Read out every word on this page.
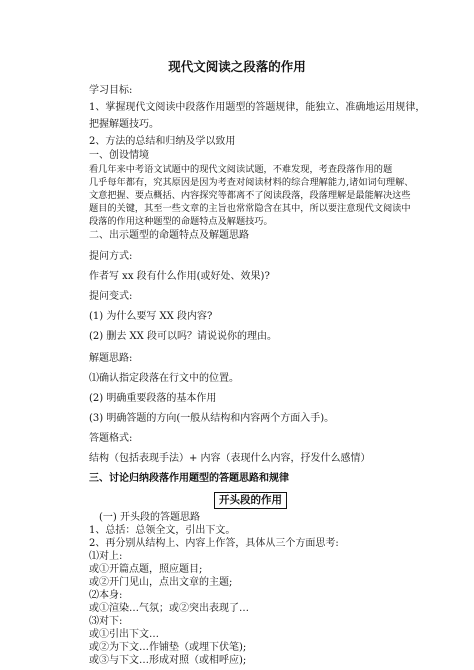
现代文阅读之段落的作用
学习目标:
1、掌握现代文阅读中段落作用题型的答题规律，能独立、准确地运用规律，
把握解题技巧。
2、方法的总结和归纳及学以致用
一、创设情境
看几年来中考语文试题中的现代文阅读试题，不难发现，考查段落作用的题
几乎每年都有，究其原因是因为考查对阅读材料的综合理解能力,诸如词句理解、
文意把握、要点概括、内容探究等都离不了阅读段落，段落理解是最能解决这些
题目的关键，其至一些文章的主旨也常常隐含在其中，所以要注意现代文阅读中
段落的作用这种题型的命题特点及解题技巧。
二、出示题型的命题特点及解题思路
提问方式:
作者写 xx 段有什么作用(或好处、效果)?
提问变式:
(1) 为什么要写 XX 段内容?
(2) 删去 XX 段可以吗？请说说你的理由。
解题思路:
⑴确认指定段落在行文中的位置。
(2) 明确重要段落的基本作用
(3) 明确答题的方向(一般从结构和内容两个方面入手)。
答题格式:
结构（包括表现手法）+ 内容（表现什么内容，抒发什么感情）
三、讨论归纳段落作用题型的答题思路和规律
开头段的作用
(一) 开头段的答题思路
1、总括：总领全文，引出下文。
2、再分别从结构上、内容上作答，具体从三个方面思考:
⑴对上:
或①开篇点题，照应题目;
或②开门见山，点出文章的主题;
⑵本身:
或①渲染…气氛；或②突出表现了…
⑶对下:
或①引出下文…
或②为下文…作铺垫（或埋下伏笔);
或③与下文…形成对照（或相呼应);
